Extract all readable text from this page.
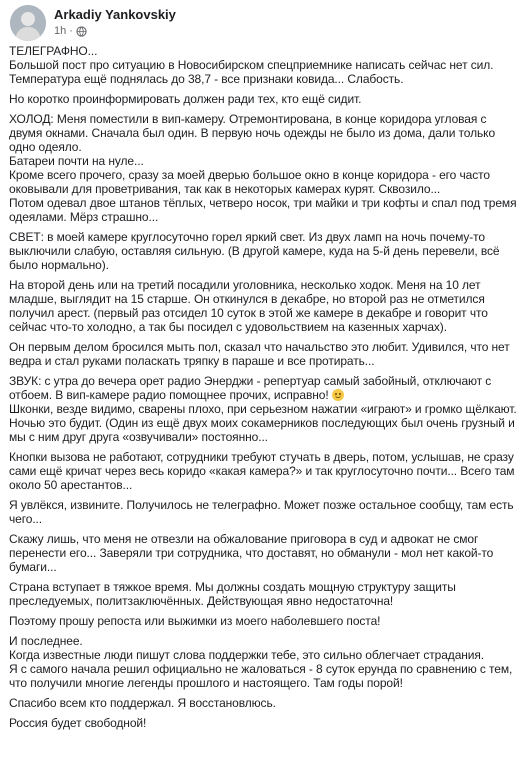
Arkadiy Yankovskiy
1h ·

ТЕЛЕГРАФНО...
Большой пост про ситуацию в Новосибирском спецприемнике написать сейчас нет сил. Температура ещё поднялась до 38,7 - все признаки ковида... Слабость.

Но коротко проинформировать должен ради тех, кто ещё сидит.

ХОЛОД: Меня поместили в вип-камеру. Отремонтирована, в конце коридора угловая с двумя окнами. Сначала был один. В первую ночь одежды не было из дома, дали только одно одеяло.
Батареи почти на нуле...
Кроме всего прочего, сразу за моей дверью большое окно в конце коридора - его часто оковывали для проветривания, так как в некоторых камерах курят. Сквозило...
Потом одевал двое штанов тёплых, четверо носок, три майки и три кофты и спал под тремя одеялами. Мёрз страшно...

СВЕТ: в моей камере круглосуточно горел яркий свет. Из двух ламп на ночь почему-то выключили слабую, оставляя сильную. (В другой камере, куда на 5-й день перевели, всё было нормально).

На второй день или на третий посадили уголовника, несколько ходок. Меня на 10 лет младше, выглядит на 15 старше. Он откинулся в декабре, но второй раз не отметился получил арест. (первый раз отсидел 10 суток в этой же камере в декабре и говорит что сейчас что-то холодно, а так бы посидел с удовольствием на казенных харчах).

Он первым делом бросился мыть пол, сказал что начальство это любит. Удивился, что нет ведра и стал руками поласкать тряпку в параше и все протирать...

ЗВУК: с утра до вечера орет радио Энерджи - репертуар самый забойный, отключают с отбоем. В вип-камере радио помощнее прочих, исправно!
Шконки, везде видимо, сварены плохо, при серьезном нажатии «играют» и громко щёлкают. Ночью это будит. (Один из ещё двух моих сокамерников последующих был очень грузный и мы с ним друг друга «озвучивали» постоянно...

Кнопки вызова не работают, сотрудники требуют стучать в дверь, потом, услышав, не сразу сами ещё кричат через весь коридо «какая камера?» и так круглосуточно почти... Всего там около 50 арестантов...

Я увлёкся, извините. Получилось не телеграфно. Может позже остальное сообщу, там есть чего...

Скажу лишь, что меня не отвезли на обжалование приговора в суд и адвокат не смог перенести его... Заверяли три сотрудника, что доставят, но обманули - мол нет какой-то бумаги...

Страна вступает в тяжкое время. Мы должны создать мощную структуру защиты преследуемых, политзаключённых. Действующая явно недостаточна!

Поэтому прошу репоста или выжимки из моего наболевшего поста!

И последнее.
Когда известные люди пишут слова поддержки тебе, это сильно облегчает страдания.
Я с самого начала решил официально не жаловаться - 8 суток ерунда по сравнению с тем, что получили многие легенды прошлого и настоящего. Там годы порой!

Спасибо всем кто поддержал. Я восстановлюсь.

Россия будет свободной!
